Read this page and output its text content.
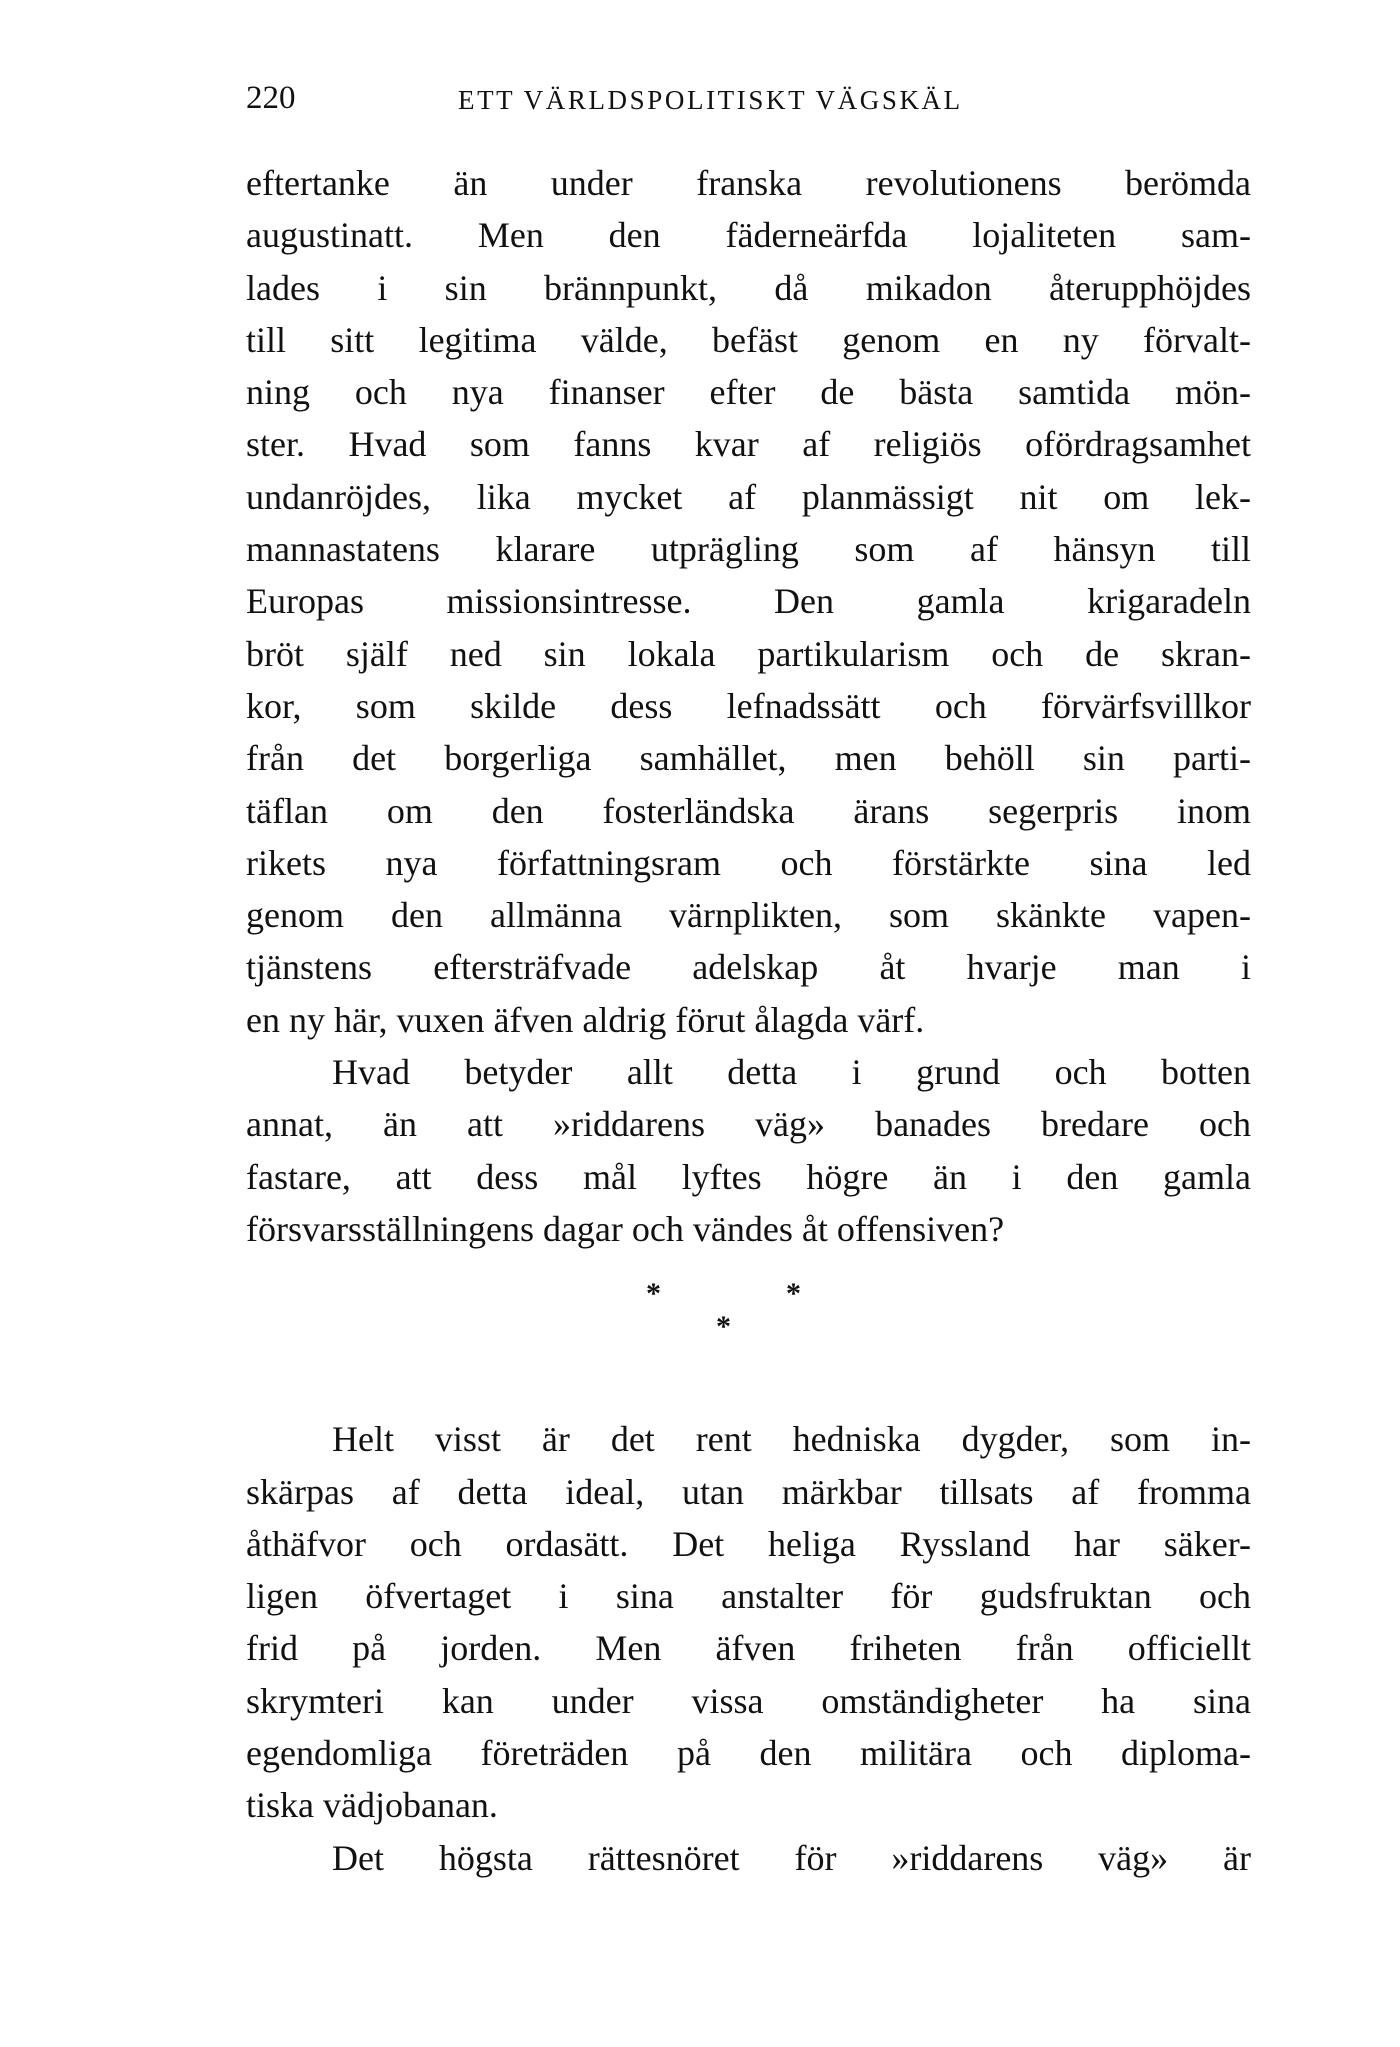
220	ETT VÄRLDSPOLITISKT VÄGSKÄL
eftertanke än under franska revolutionens berömda
augustinatt. Men den fäderneärfda lojaliteten sam-
lades i sin brännpunkt, då mikadon återupphöjdes
till sitt legitima välde, befäst genom en ny förvalt-
ning och nya finanser efter de bästa samtida mön-
ster. Hvad som fanns kvar af religiös ofördragsamhet
undanröjdes, lika mycket af planmässigt nit om lek-
mannastatens klarare utprägling som af hänsyn till
Europas missionsintresse. Den gamla krigaradeln
bröt själf ned sin lokala partikularism och de skran-
kor, som skilde dess lefnadssätt och förvärfsvillkor
från det borgerliga samhället, men behöll sin parti-
täflan om den fosterländska ärans segerpris inom
rikets nya författningsram och förstärkte sina led
genom den allmänna värnplikten, som skänkte vapen-
tjänstens eftersträfvade adelskap åt hvarje man i
en ny här, vuxen äfven aldrig förut ålagda värf.
Hvad betyder allt detta i grund och botten
annat, än att »riddarens väg» banades bredare och
fastare, att dess mål lyftes högre än i den gamla
försvarsställningens dagar och vändes åt offensiven?
*	*
*
Helt visst är det rent hedniska dygder, som in-
skärpas af detta ideal, utan märkbar tillsats af fromma
åthäfvor och ordasätt. Det heliga Ryssland har säker-
ligen öfvertaget i sina anstalter för gudsfruktan och
frid på jorden. Men äfven friheten från officiellt
skrymteri kan under vissa omständigheter ha sina
egendomliga företräden på den militära och diploma-
tiska vädjobanan.
Det högsta rättesnöret för »riddarens väg» är
